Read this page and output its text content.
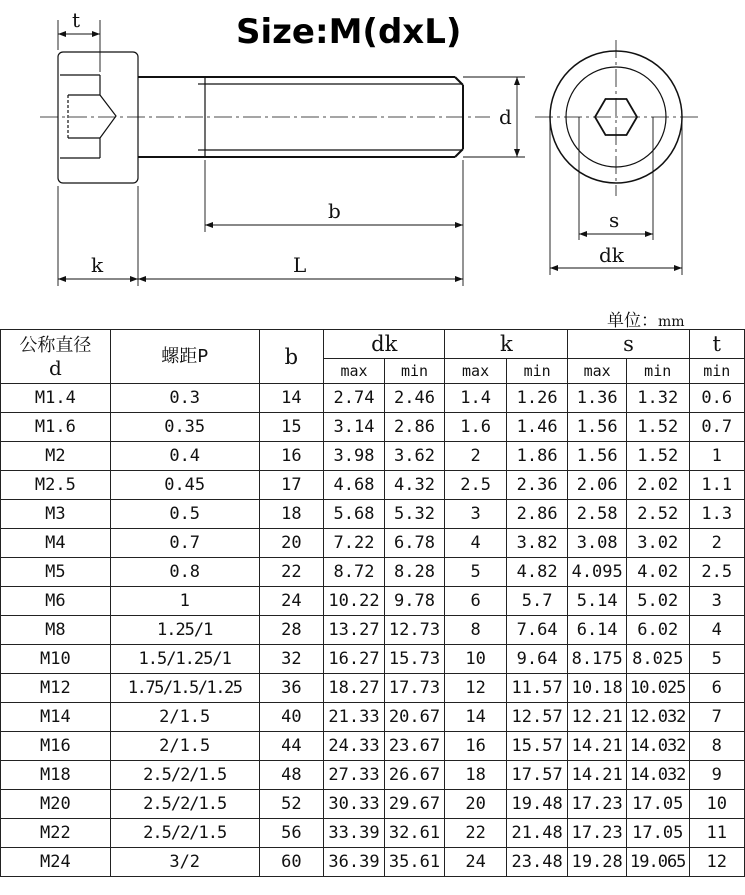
t
d
b
k	L
s
dk
Size:M(dxL)
单位：mm
公称直径
d	螺距P	b	dk		k		s		t
			max	min	max	min	max	min	min
M1.4	0.3	14	2.74	2.46	1.4	1.26	1.36	1.32	0.6
M1.6	0.35	15	3.14	2.86	1.6	1.46	1.56	1.52	0.7
M2	0.4	16	3.98	3.62	2	1.86	1.56	1.52	1
M2.5	0.45	17	4.68	4.32	2.5	2.36	2.06	2.02	1.1
M3	0.5	18	5.68	5.32	3	2.86	2.58	2.52	1.3
M4	0.7	20	7.22	6.78	4	3.82	3.08	3.02	2
M5	0.8	22	8.72	8.28	5	4.82	4.095	4.02	2.5
M6	1	24	10.22	9.78	6	5.7	5.14	5.02	3
M8	1.25/1	28	13.27	12.73	8	7.64	6.14	6.02	4
M10	1.5/1.25/1	32	16.27	15.73	10	9.64	8.175	8.025	5
M12	1.75/1.5/1.25	36	18.27	17.73	12	11.57	10.18	10.025	6
M14	2/1.5	40	21.33	20.67	14	12.57	12.21	12.032	7
M16	2/1.5	44	24.33	23.67	16	15.57	14.21	14.032	8
M18	2.5/2/1.5	48	27.33	26.67	18	17.57	14.21	14.032	9
M20	2.5/2/1.5	52	30.33	29.67	20	19.48	17.23	17.05	10
M22	2.5/2/1.5	56	33.39	32.61	22	21.48	17.23	17.05	11
M24	3/2	60	36.39	35.61	24	23.48	19.28	19.065	12
